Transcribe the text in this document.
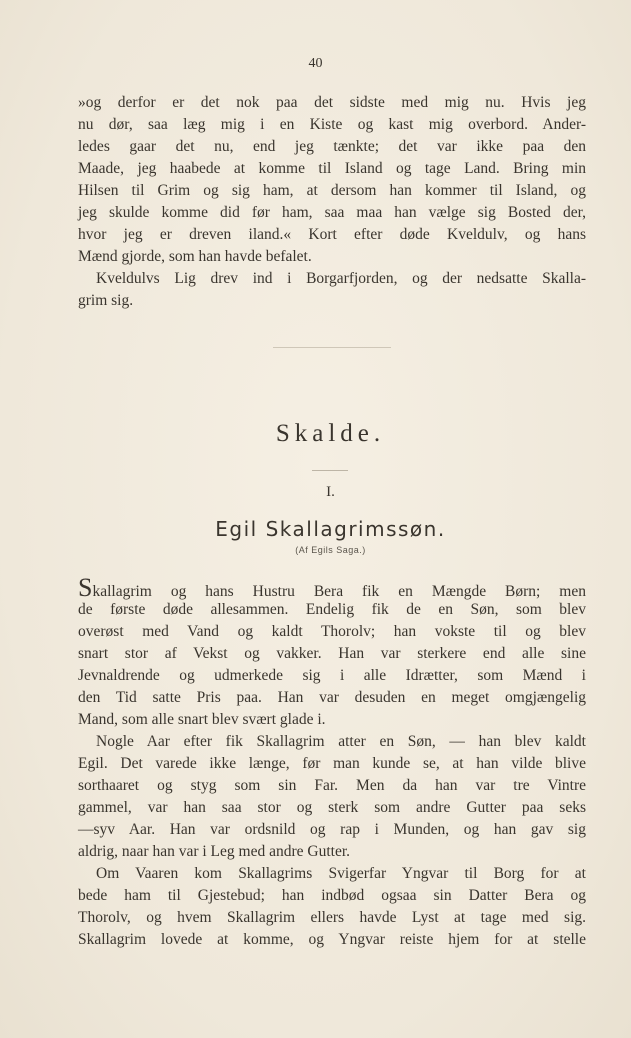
40
»og derfor er det nok paa det sidste med mig nu. Hvis jeg
nu dør, saa læg mig i en Kiste og kast mig overbord. Ander-
ledes gaar det nu, end jeg tænkte; det var ikke paa den
Maade, jeg haabede at komme til Island og tage Land. Bring min
Hilsen til Grim og sig ham, at dersom han kommer til Island, og
jeg skulde komme did før ham, saa maa han vælge sig Bosted der,
hvor jeg er dreven iland.« Kort efter døde Kveldulv, og hans
Mænd gjorde, som han havde befalet.
Kveldulvs Lig drev ind i Borgarfjorden, og der nedsatte Skalla-
grim sig.
Skalde.
I.
Egil Skallagrimssøn.
(Af Egils Saga.)
Skallagrim og hans Hustru Bera fik en Mængde Børn; men
de første døde allesammen. Endelig fik de en Søn, som blev
overøst med Vand og kaldt Thorolv; han vokste til og blev
snart stor af Vekst og vakker. Han var sterkere end alle sine
Jevnaldrende og udmerkede sig i alle Idrætter, som Mænd i
den Tid satte Pris paa. Han var desuden en meget omgjængelig
Mand, som alle snart blev svært glade i.
Nogle Aar efter fik Skallagrim atter en Søn, — han blev kaldt
Egil. Det varede ikke længe, før man kunde se, at han vilde blive
sorthaaret og styg som sin Far. Men da han var tre Vintre
gammel, var han saa stor og sterk som andre Gutter paa seks
—syv Aar. Han var ordsnild og rap i Munden, og han gav sig
aldrig, naar han var i Leg med andre Gutter.
Om Vaaren kom Skallagrims Svigerfar Yngvar til Borg for at
bede ham til Gjestebud; han indbød ogsaa sin Datter Bera og
Thorolv, og hvem Skallagrim ellers havde Lyst at tage med sig.
Skallagrim lovede at komme, og Yngvar reiste hjem for at stelle
